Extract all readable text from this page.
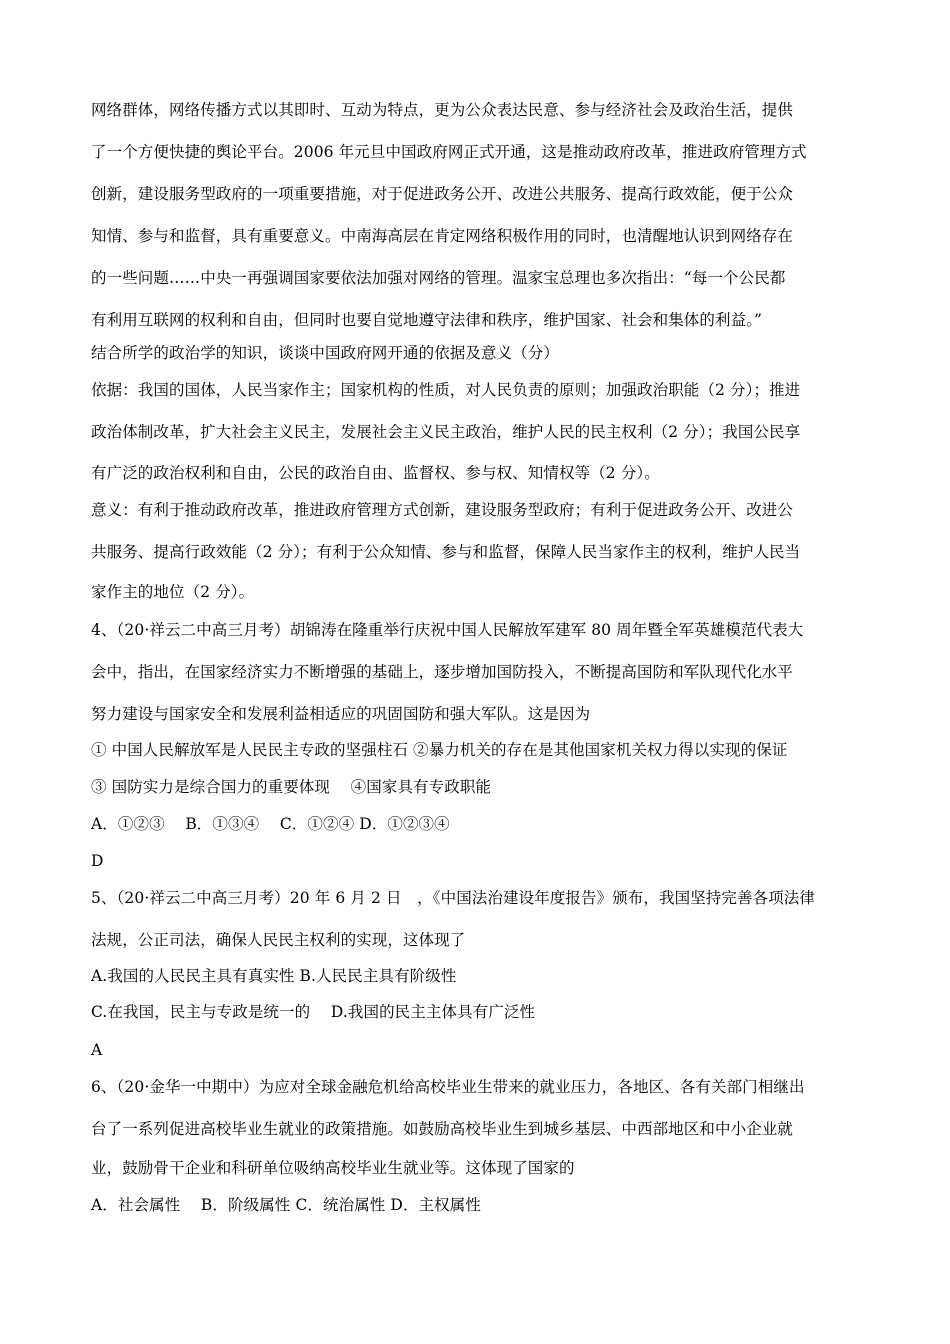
网络群体，网络传播方式以其即时、互动为特点，更为公众表达民意、参与经济社会及政治生活，提供

了一个方便快捷的舆论平台。2006 年元旦中国政府网正式开通，这是推动政府改革，推进政府管理方式

创新，建设服务型政府的一项重要措施，对于促进政务公开、改进公共服务、提高行政效能，便于公众

知情、参与和监督，具有重要意义。中南海高层在肯定网络积极作用的同时，也清醒地认识到网络存在

的一些问题……中央一再强调国家要依法加强对网络的管理。温家宝总理也多次指出：“每一个公民都

有利用互联网的权利和自由，但同时也要自觉地遵守法律和秩序，维护国家、社会和集体的利益。”

结合所学的政治学的知识，谈谈中国政府网开通的依据及意义（分）

依据：我国的国体，人民当家作主；国家机构的性质，对人民负责的原则；加强政治职能（2 分）；推进

政治体制改革，扩大社会主义民主，发展社会主义民主政治，维护人民的民主权利（2 分）；我国公民享

有广泛的政治权利和自由，公民的政治自由、监督权、参与权、知情权等（2 分）。

意义：有利于推动政府改革，推进政府管理方式创新，建设服务型政府；有利于促进政务公开、改进公

共服务、提高行政效能（2 分）；有利于公众知情、参与和监督，保障人民当家作主的权利，维护人民当

家作主的地位（2 分）。

4、（20·祥云二中高三月考）胡锦涛在隆重举行庆祝中国人民解放军建军 80 周年暨全军英雄模范代表大

会中，指出，在国家经济实力不断增强的基础上，逐步增加国防投入，不断提高国防和军队现代化水平

努力建设与国家安全和发展利益相适应的巩固国防和强大军队。这是因为

① 中国人民解放军是人民民主专政的坚强柱石 ②暴力机关的存在是其他国家机关权力得以实现的保证

③ 国防实力是综合国力的重要体现　 ④国家具有专政职能

A．①②③　 B．①③④　 C．①②④ D．①②③④

D

5、（20·祥云二中高三月考）20 年 6 月 2 日　，《中国法治建设年度报告》颁布，我国坚持完善各项法律

法规，公正司法，确保人民民主权利的实现，这体现了

A.我国的人民民主具有真实性 B.人民民主具有阶级性

C.在我国，民主与专政是统一的　 D.我国的民主主体具有广泛性

A

6、（20·金华一中期中）为应对全球金融危机给高校毕业生带来的就业压力，各地区、各有关部门相继出

台了一系列促进高校毕业生就业的政策措施。如鼓励高校毕业生到城乡基层、中西部地区和中小企业就

业，鼓励骨干企业和科研单位吸纳高校毕业生就业等。这体现了国家的

A．社会属性　 B．阶级属性 C．统治属性 D．主权属性
